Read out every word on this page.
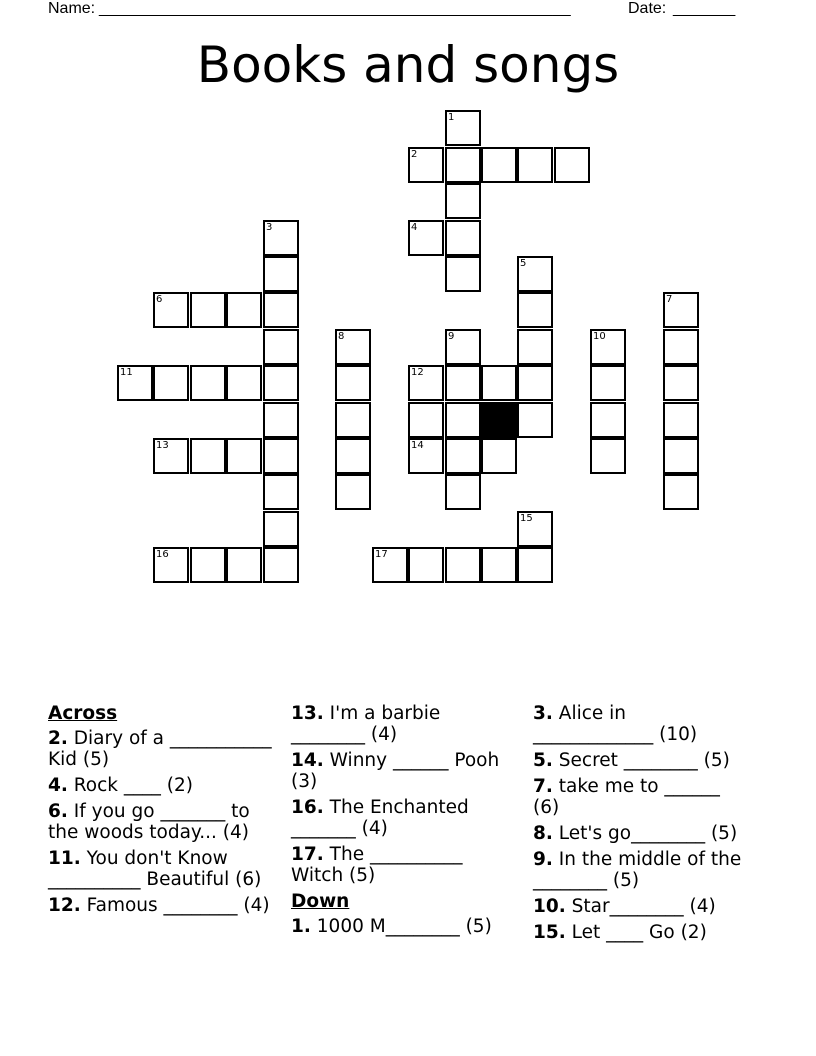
Name: _____________________________________________________	Date: _______
Books and songs
1
2
3	4
5
6	7
8	9	10
11	12
13	14
15
16	17
Across
2. Diary of a ___________ Kid (5)
4. Rock ____ (2)
6. If you go _______ to the woods today... (4)
11. You don't Know __________ Beautiful (6)
12. Famous ________ (4)
13. I'm a barbie ________ (4)
14. Winny ______ Pooh (3)
16. The Enchanted _______ (4)
17. The __________ Witch (5)
Down
1. 1000 M________ (5)
3. Alice in _____________ (10)
5. Secret ________ (5)
7. take me to ______ (6)
8. Let's go________ (5)
9. In the middle of the ________ (5)
10. Star________ (4)
15. Let ____ Go (2)
